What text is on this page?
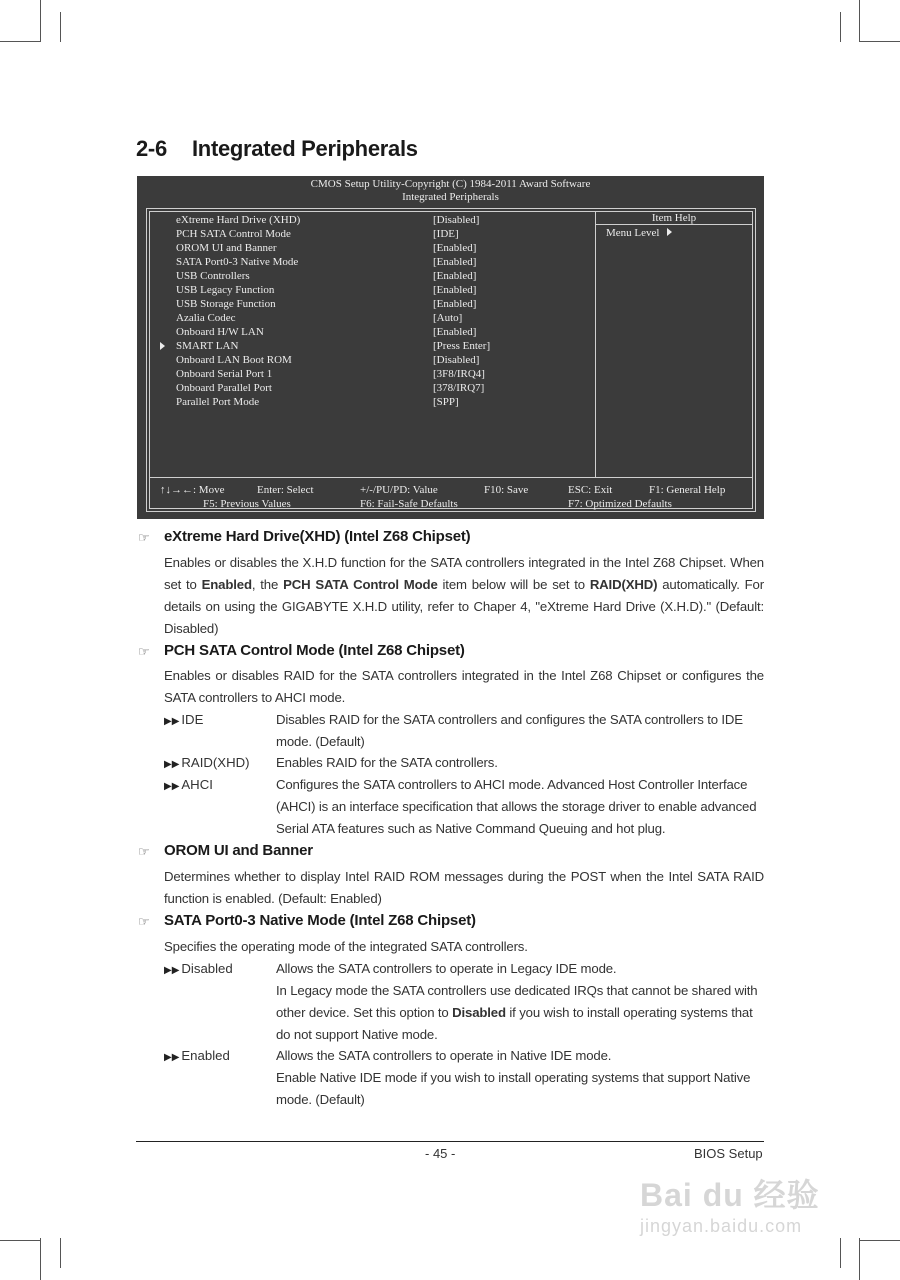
2-6 Integrated Peripherals
CMOS Setup Utility-Copyright (C) 1984-2011 Award Software
Integrated Peripherals
eXtreme Hard Drive (XHD)	[Disabled]
PCH SATA Control Mode	[IDE]
OROM UI and Banner	[Enabled]
SATA Port0-3 Native Mode	[Enabled]
USB Controllers	[Enabled]
USB Legacy Function	[Enabled]
USB Storage Function	[Enabled]
Azalia Codec	[Auto]
Onboard H/W LAN	[Enabled]
SMART LAN	[Press Enter]
Onboard LAN Boot ROM	[Disabled]
Onboard Serial Port 1	[3F8/IRQ4]
Onboard Parallel Port	[378/IRQ7]
Parallel Port Mode	[SPP]
Item Help
Menu Level
↑↓→←: Move	Enter: Select	+/-/PU/PD: Value	F10: Save	ESC: Exit	F1: General Help
F5: Previous Values	F6: Fail-Safe Defaults	F7: Optimized Defaults
☞ eXtreme Hard Drive(XHD) (Intel Z68 Chipset)
Enables or disables the X.H.D function for the SATA controllers integrated in the Intel Z68 Chipset. When set to Enabled, the PCH SATA Control Mode item below will be set to RAID(XHD) automatically. For details on using the GIGABYTE X.H.D utility, refer to Chaper 4, "eXtreme Hard Drive (X.H.D)." (Default: Disabled)
☞ PCH SATA Control Mode (Intel Z68 Chipset)
Enables or disables RAID for the SATA controllers integrated in the Intel Z68 Chipset or configures the SATA controllers to AHCI mode.
▶▶ IDE	Disables RAID for the SATA controllers and configures the SATA controllers to IDE mode. (Default)
▶▶ RAID(XHD) Enables RAID for the SATA controllers.
▶▶ AHCI	Configures the SATA controllers to AHCI mode. Advanced Host Controller Interface (AHCI) is an interface specification that allows the storage driver to enable advanced Serial ATA features such as Native Command Queuing and hot plug.
☞ OROM UI and Banner
Determines whether to display Intel RAID ROM messages during the POST when the Intel SATA RAID function is enabled. (Default: Enabled)
☞ SATA Port0-3 Native Mode (Intel Z68 Chipset)
Specifies the operating mode of the integrated SATA controllers.
▶▶ Disabled	Allows the SATA controllers to operate in Legacy IDE mode.
In Legacy mode the SATA controllers use dedicated IRQs that cannot be shared with other device. Set this option to Disabled if you wish to install operating systems that do not support Native mode.
▶▶ Enabled	Allows the SATA controllers to operate in Native IDE mode.
Enable Native IDE mode if you wish to install operating systems that support Native mode. (Default)
- 45 -	BIOS Setup
Bai du 经验
jingyan.baidu.com
